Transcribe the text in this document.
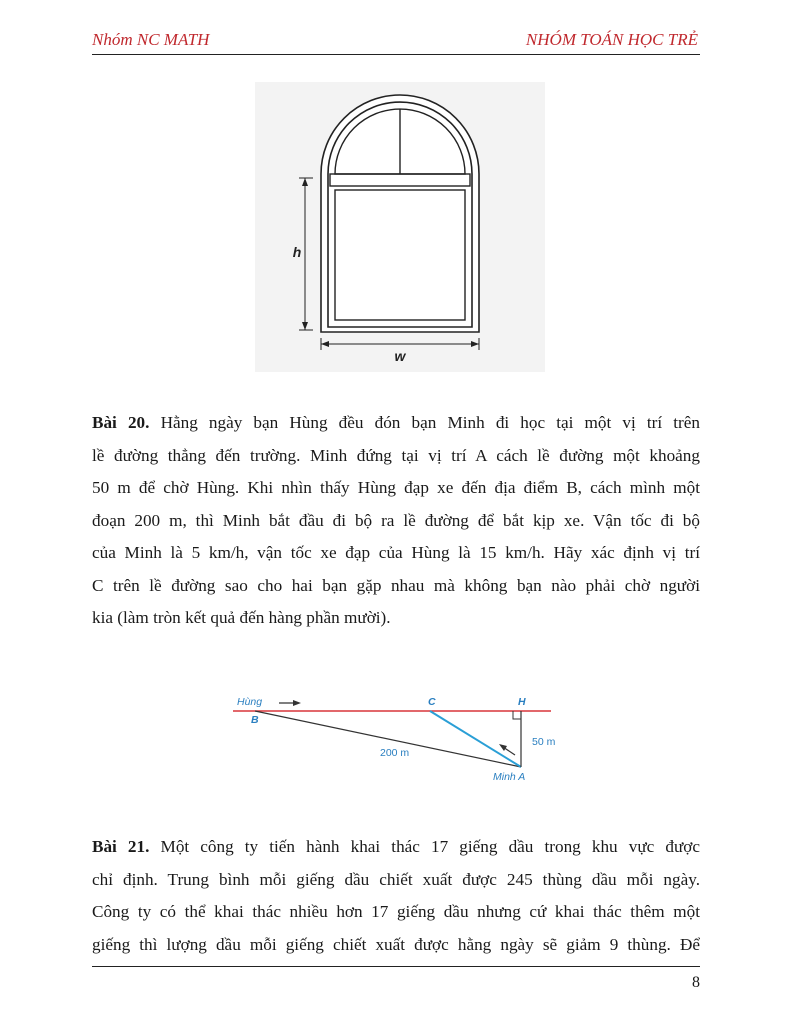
Nhóm NC MATH	NHÓM TOÁN HỌC TRẺ
h
w
Bài 20. Hằng ngày bạn Hùng đều đón bạn Minh đi học tại một vị trí trên
lề đường thẳng đến trường. Minh đứng tại vị trí A cách lề đường một khoảng
50 m để chờ Hùng. Khi nhìn thấy Hùng đạp xe đến địa điểm B, cách mình một
đoạn 200 m, thì Minh bắt đầu đi bộ ra lề đường để bắt kịp xe. Vận tốc đi bộ
của Minh là 5 km/h, vận tốc xe đạp của Hùng là 15 km/h. Hãy xác định vị trí
C trên lề đường sao cho hai bạn gặp nhau mà không bạn nào phải chờ người
kia (làm tròn kết quả đến hàng phần mười).
Hùng
B
C	H
50 m
200 m
Minh A
Bài 21. Một công ty tiến hành khai thác 17 giếng dầu trong khu vực được
chỉ định. Trung bình mỗi giếng dầu chiết xuất được 245 thùng dầu mỗi ngày.
Công ty có thể khai thác nhiều hơn 17 giếng dầu nhưng cứ khai thác thêm một
giếng thì lượng dầu mỗi giếng chiết xuất được hằng ngày sẽ giảm 9 thùng. Để
8
